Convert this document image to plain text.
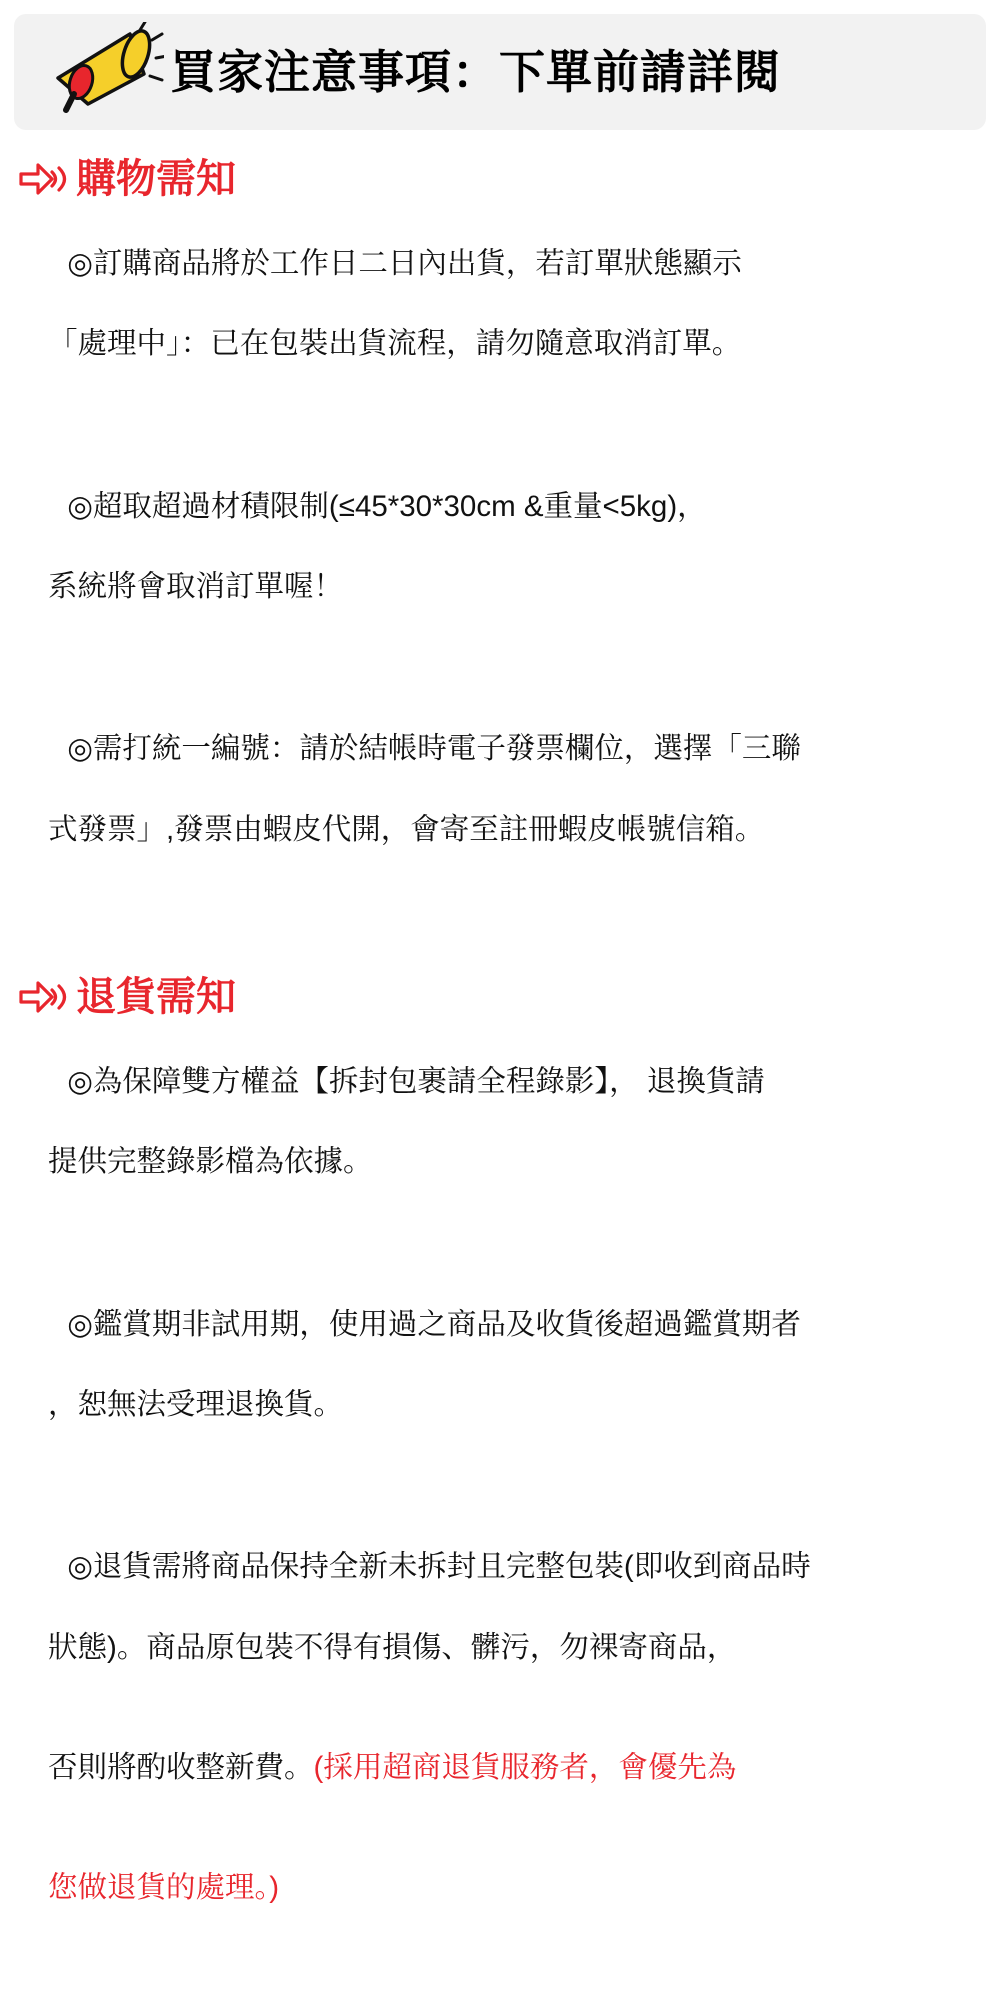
買家注意事項：下單前請詳閱
購物需知

◎訂購商品將於工作日二日內出貨，若訂單狀態顯示

「處理中」：已在包裝出貨流程，請勿隨意取消訂單。

◎超取超過材積限制(≤45*30*30cm &重量<5kg)，

系統將會取消訂單喔！

◎需打統一編號：請於結帳時電子發票欄位，選擇「三聯

式發票」,發票由蝦皮代開，會寄至註冊蝦皮帳號信箱。

退貨需知

◎為保障雙方權益【拆封包裹請全程錄影】， 退換貨請

提供完整錄影檔為依據。

◎鑑賞期非試用期，使用過之商品及收貨後超過鑑賞期者

，恕無法受理退換貨。

◎退貨需將商品保持全新未拆封且完整包裝(即收到商品時

狀態)。商品原包裝不得有損傷、髒污，勿裸寄商品，

否則將酌收整新費。(採用超商退貨服務者，會優先為

您做退貨的處理。)
